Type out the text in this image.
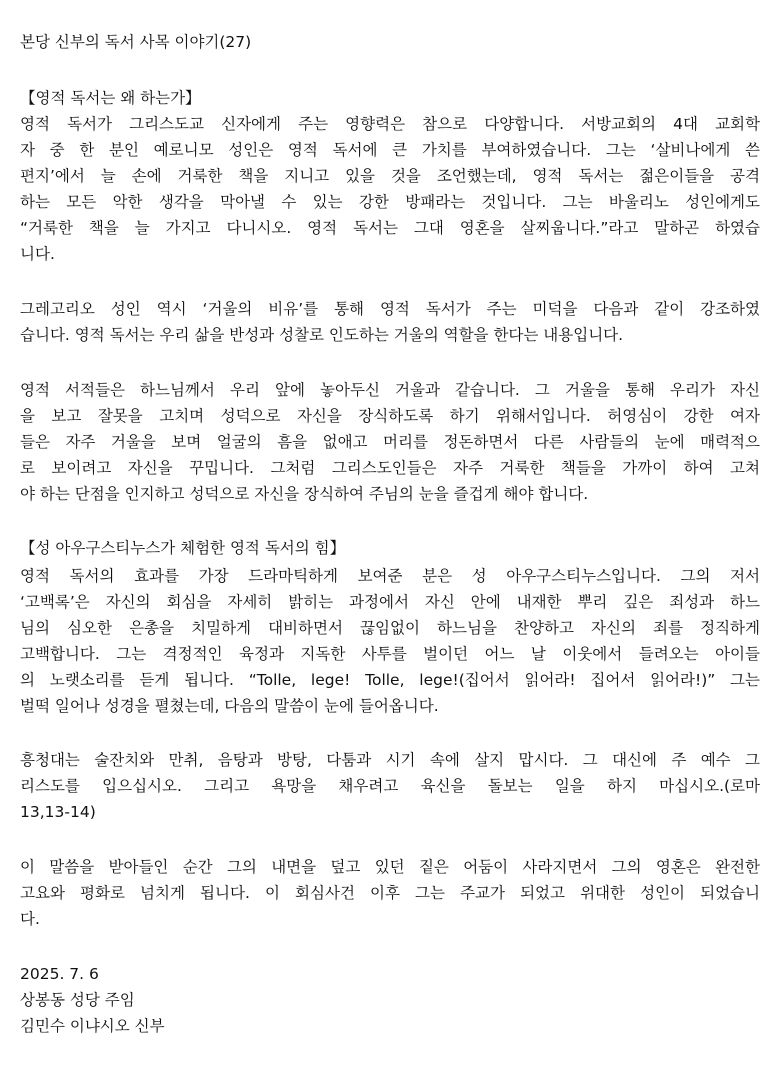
본당 신부의 독서 사목 이야기(27)
【영적 독서는 왜 하는가】
영적 독서가 그리스도교 신자에게 주는 영향력은 참으로 다양합니다. 서방교회의 4대 교회학
자 중 한 분인 예로니모 성인은 영적 독서에 큰 가치를 부여하였습니다. 그는 ‘살비나에게 쓴
편지’에서 늘 손에 거룩한 책을 지니고 있을 것을 조언했는데, 영적 독서는 젊은이들을 공격
하는 모든 악한 생각을 막아낼 수 있는 강한 방패라는 것입니다. 그는 바울리노 성인에게도
“거룩한 책을 늘 가지고 다니시오. 영적 독서는 그대 영혼을 살찌웁니다.”라고 말하곤 하였습
니다.
그레고리오 성인 역시 ‘거울의 비유’를 통해 영적 독서가 주는 미덕을 다음과 같이 강조하였
습니다. 영적 독서는 우리 삶을 반성과 성찰로 인도하는 거울의 역할을 한다는 내용입니다.
영적 서적들은 하느님께서 우리 앞에 놓아두신 거울과 같습니다. 그 거울을 통해 우리가 자신
을 보고 잘못을 고치며 성덕으로 자신을 장식하도록 하기 위해서입니다. 허영심이 강한 여자
들은 자주 거울을 보며 얼굴의 흠을 없애고 머리를 정돈하면서 다른 사람들의 눈에 매력적으
로 보이려고 자신을 꾸밉니다. 그처럼 그리스도인들은 자주 거룩한 책들을 가까이 하여 고쳐
야 하는 단점을 인지하고 성덕으로 자신을 장식하여 주님의 눈을 즐겁게 해야 합니다.
【성 아우구스티누스가 체험한 영적 독서의 힘】
영적 독서의 효과를 가장 드라마틱하게 보여준 분은 성 아우구스티누스입니다. 그의 저서
‘고백록’은 자신의 회심을 자세히 밝히는 과정에서 자신 안에 내재한 뿌리 깊은 죄성과 하느
님의 심오한 은총을 치밀하게 대비하면서 끊임없이 하느님을 찬양하고 자신의 죄를 정직하게
고백합니다. 그는 격정적인 육정과 지독한 사투를 벌이던 어느 날 이웃에서 들려오는 아이들
의 노랫소리를 듣게 됩니다. “Tolle, lege! Tolle, lege!(집어서 읽어라! 집어서 읽어라!)” 그는
벌떡 일어나 성경을 펼쳤는데, 다음의 말씀이 눈에 들어옵니다.
흥청대는 술잔치와 만취, 음탕과 방탕, 다툼과 시기 속에 살지 맙시다. 그 대신에 주 예수 그
리스도를 입으십시오. 그리고 욕망을 채우려고 육신을 돌보는 일을 하지 마십시오.(로마
13,13-14)
이 말씀을 받아들인 순간 그의 내면을 덮고 있던 짙은 어둠이 사라지면서 그의 영혼은 완전한
고요와 평화로 넘치게 됩니다. 이 회심사건 이후 그는 주교가 되었고 위대한 성인이 되었습니
다.
2025. 7. 6
상봉동 성당 주임
김민수 이냐시오 신부
